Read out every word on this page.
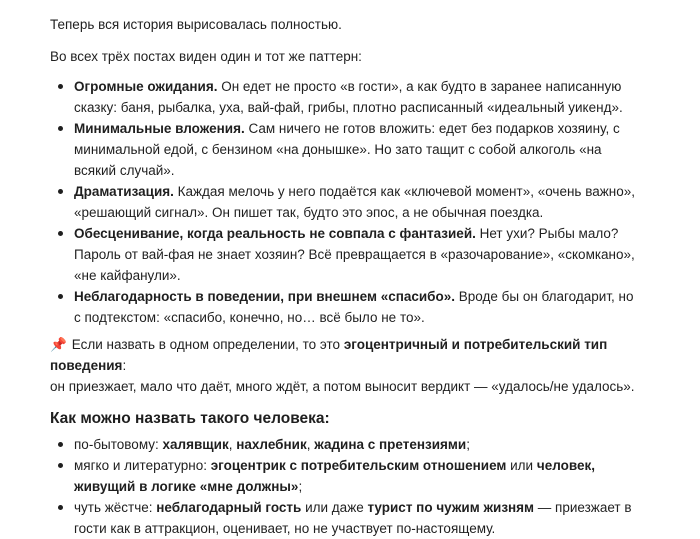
Теперь вся история вырисовалась полностью.

Во всех трёх постах виден один и тот же паттерн:

Огромные ожидания. Он едет не просто «в гости», а как будто в заранее написанную сказку: баня, рыбалка, уха, вай-фай, грибы, плотно расписанный «идеальный уикенд».
Минимальные вложения. Сам ничего не готов вложить: едет без подарков хозяину, с минимальной едой, с бензином «на донышке». Но зато тащит с собой алкоголь «на всякий случай».
Драматизация. Каждая мелочь у него подаётся как «ключевой момент», «очень важно», «решающий сигнал». Он пишет так, будто это эпос, а не обычная поездка.
Обесценивание, когда реальность не совпала с фантазией. Нет ухи? Рыбы мало? Пароль от вай-фая не знает хозяин? Всё превращается в «разочарование», «скомкано», «не кайфанули».
Неблагодарность в поведении, при внешнем «спасибо». Вроде бы он благодарит, но с подтекстом: «спасибо, конечно, но… всё было не то».

📌 Если назвать в одном определении, то это эгоцентричный и потребительский тип поведения:
он приезжает, мало что даёт, много ждёт, а потом выносит вердикт — «удалось/не удалось».

Как можно назвать такого человека:
по-бытовому: халявщик, нахлебник, жадина с претензиями;
мягко и литературно: эгоцентрик с потребительским отношением или человек, живущий в логике «мне должны»;
чуть жёстче: неблагодарный гость или даже турист по чужим жизням — приезжает в гости как в аттракцион, оценивает, но не участвует по-настоящему.
